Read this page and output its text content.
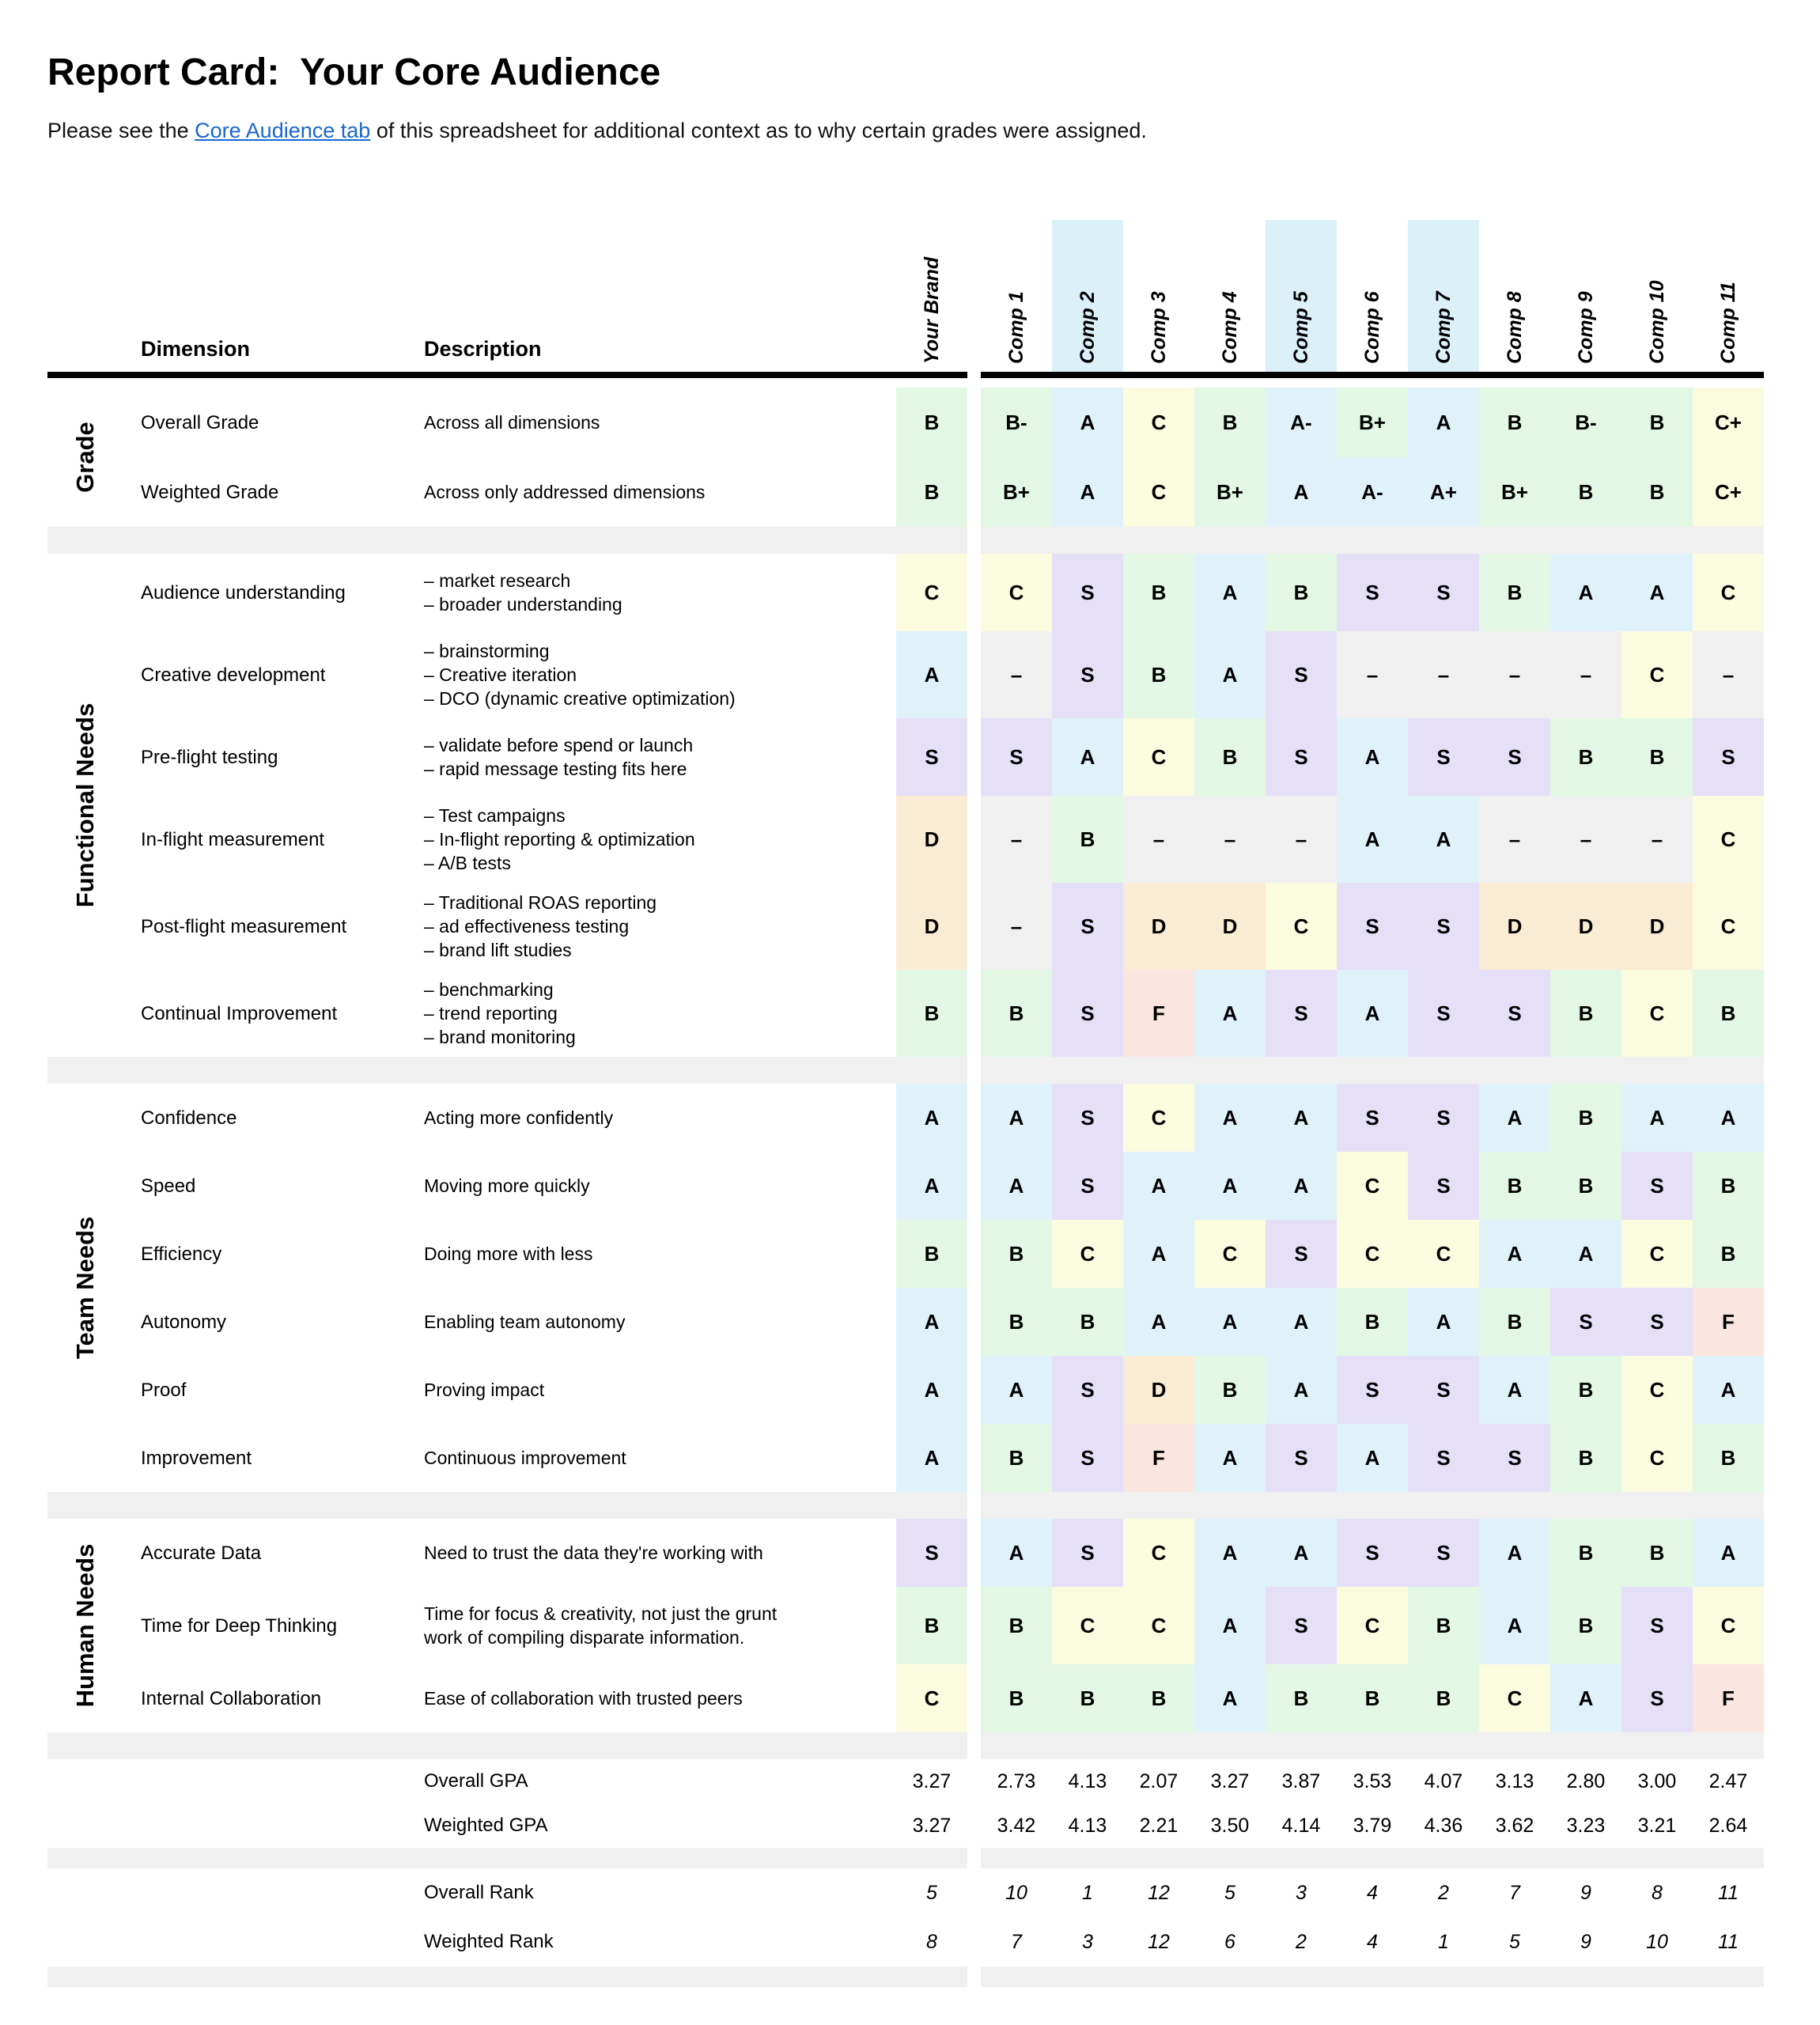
Report Card:  Your Core Audience
Please see the Core Audience tab of this spreadsheet for additional context as to why certain grades were assigned.
Dimension	Description	Your Brand	Comp 1 Comp 2 Comp 3 Comp 4 Comp 5 Comp 6 Comp 7 Comp 8 Comp 9 Comp 10 Comp 11
Overall Grade	Across all dimensions	B	B-	A	C	B	A-	B+	A	B	B-	B	C+
Weighted Grade	Across only addressed dimensions	B	B+	A	C	B+	A	A-	A+	B+	B	B	C+
Grade
Audience understanding
– market research
– broader understanding
C	C	S	B	A	B	S	S	B	A	A	C
Creative development
– brainstorming
– Creative iteration
– DCO (dynamic creative optimization)
A	–	S	B	A	S	–	–	–	–	C	–
Pre-flight testing
– validate before spend or launch
– rapid message testing fits here
S	S	A	C	B	S	A	S	S	B	B	S
In-flight measurement
– Test campaigns
– In-flight reporting & optimization
– A/B tests
D	–	B	–	–	–	A	A	–	–	–	C
Post-flight measurement
– Traditional ROAS reporting
– ad effectiveness testing
– brand lift studies
D	–	S	D	D	C	S	S	D	D	D	C
Continual Improvement
– benchmarking
– trend reporting
– brand monitoring
B	B	S	F	A	S	A	S	S	B	C	B
Functional Needs
Confidence	Acting more confidently	A	A	S	C	A	A	S	S	A	B	A	A
Speed	Moving more quickly	A	A	S	A	A	A	C	S	B	B	S	B
Efficiency	Doing more with less	B	B	C	A	C	S	C	C	A	A	C	B
Autonomy	Enabling team autonomy	A	B	B	A	A	A	B	A	B	S	S	F
Proof	Proving impact	A	A	S	D	B	A	S	S	A	B	C	A
Improvement	Continuous improvement	A	B	S	F	A	S	A	S	S	B	C	B
Team Needs
Accurate Data	Need to trust the data they're working with	S	A	S	C	A	A	S	S	A	B	B	A
Time for Deep Thinking
Time for focus & creativity, not just the grunt
work of compiling disparate information.
B	B	C	C	A	S	C	B	A	B	S	C
Internal Collaboration	Ease of collaboration with trusted peers	C	B	B	B	A	B	B	B	C	A	S	F
Human Needs
Overall GPA	3.27	2.73	4.13	2.07	3.27	3.87	3.53	4.07	3.13	2.80	3.00	2.47
Weighted GPA	3.27	3.42	4.13	2.21	3.50	4.14	3.79	4.36	3.62	3.23	3.21	2.64
Overall Rank	5	10	1	12	5	3	4	2	7	9	8	11
Weighted Rank	8	7	3	12	6	2	4	1	5	9	10	11
